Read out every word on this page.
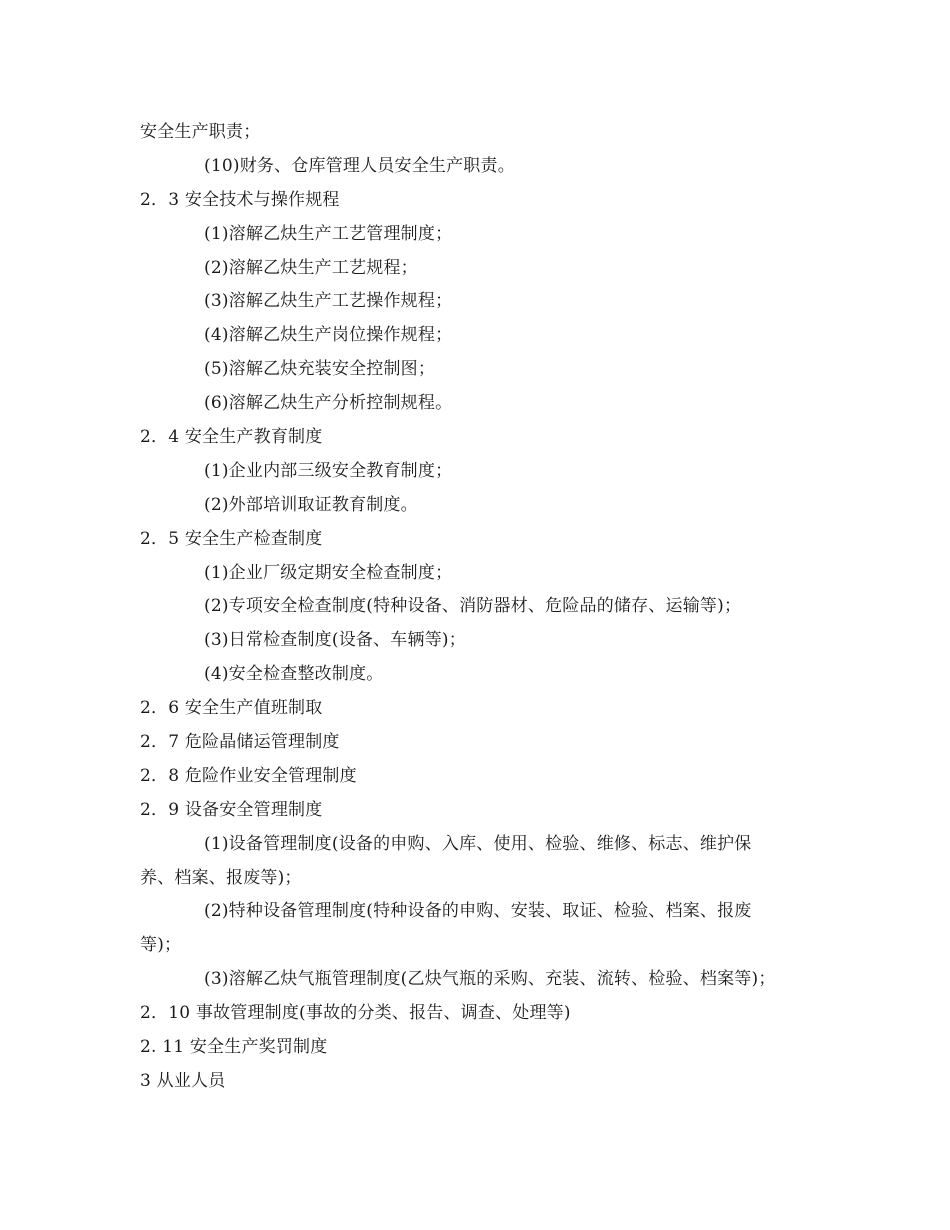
安全生产职责；
(10)财务、仓库管理人员安全生产职责。
2．3 安全技术与操作规程
(1)溶解乙炔生产工艺管理制度；
(2)溶解乙炔生产工艺规程；
(3)溶解乙炔生产工艺操作规程；
(4)溶解乙炔生产岗位操作规程；
(5)溶解乙炔充装安全控制图；
(6)溶解乙炔生产分析控制规程。
2．4 安全生产教育制度
(1)企业内部三级安全教育制度；
(2)外部培训取证教育制度。
2．5 安全生产检查制度
(1)企业厂级定期安全检查制度；
(2)专项安全检查制度(特种设备、消防器材、危险品的储存、运输等)；
(3)日常检查制度(设备、车辆等)；
(4)安全检查整改制度。
2．6 安全生产值班制取
2．7 危险晶储运管理制度
2．8 危险作业安全管理制度
2．9 设备安全管理制度
(1)设备管理制度(设备的申购、入库、使用、检验、维修、标志、维护保
养、档案、报废等)；
(2)特种设备管理制度(特种设备的申购、安装、取证、检验、档案、报废
等)；
(3)溶解乙炔气瓶管理制度(乙炔气瓶的采购、充装、流转、检验、档案等)；
2．10 事故管理制度(事故的分类、报告、调查、处理等)
2. 11 安全生产奖罚制度
3 从业人员
